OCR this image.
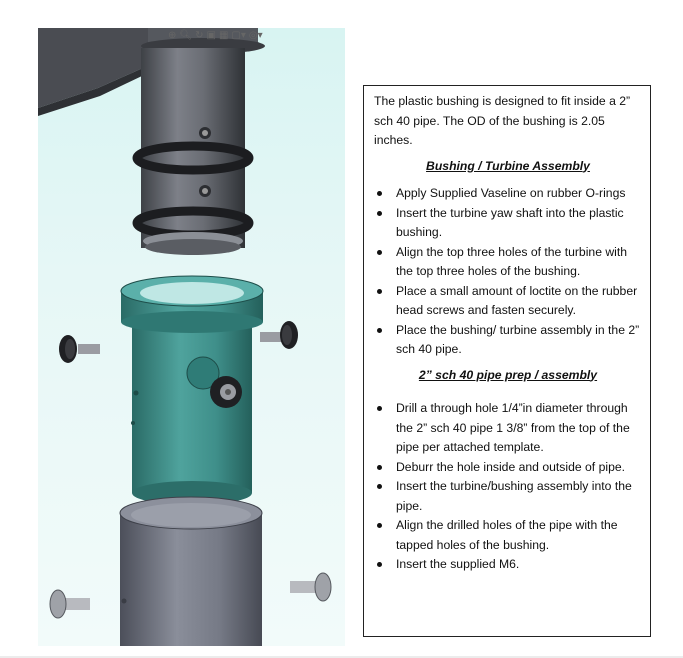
⊕ 🔍︎ ↻ ▣ ▦ ▢▾ ◎▾

The plastic bushing is designed to fit inside a 2” sch 40 pipe. The OD of the bushing is 2.05 inches.

Bushing / Turbine Assembly

Apply Supplied Vaseline on rubber O-rings
Insert the turbine yaw shaft into the plastic bushing.
Align the top three holes of the turbine with the top three holes of the bushing.
Place a small amount of loctite on the rubber head screws and fasten securely.
Place the bushing/ turbine assembly in the 2” sch 40 pipe.

2” sch 40 pipe prep / assembly

Drill a through hole 1/4”in diameter through the 2” sch 40 pipe 1 3/8” from the top of the pipe per attached template.
Deburr the hole inside and outside of pipe.
Insert the turbine/bushing assembly into the pipe.
Align the drilled holes of the pipe with the tapped holes of the bushing.
Insert the supplied M6.
